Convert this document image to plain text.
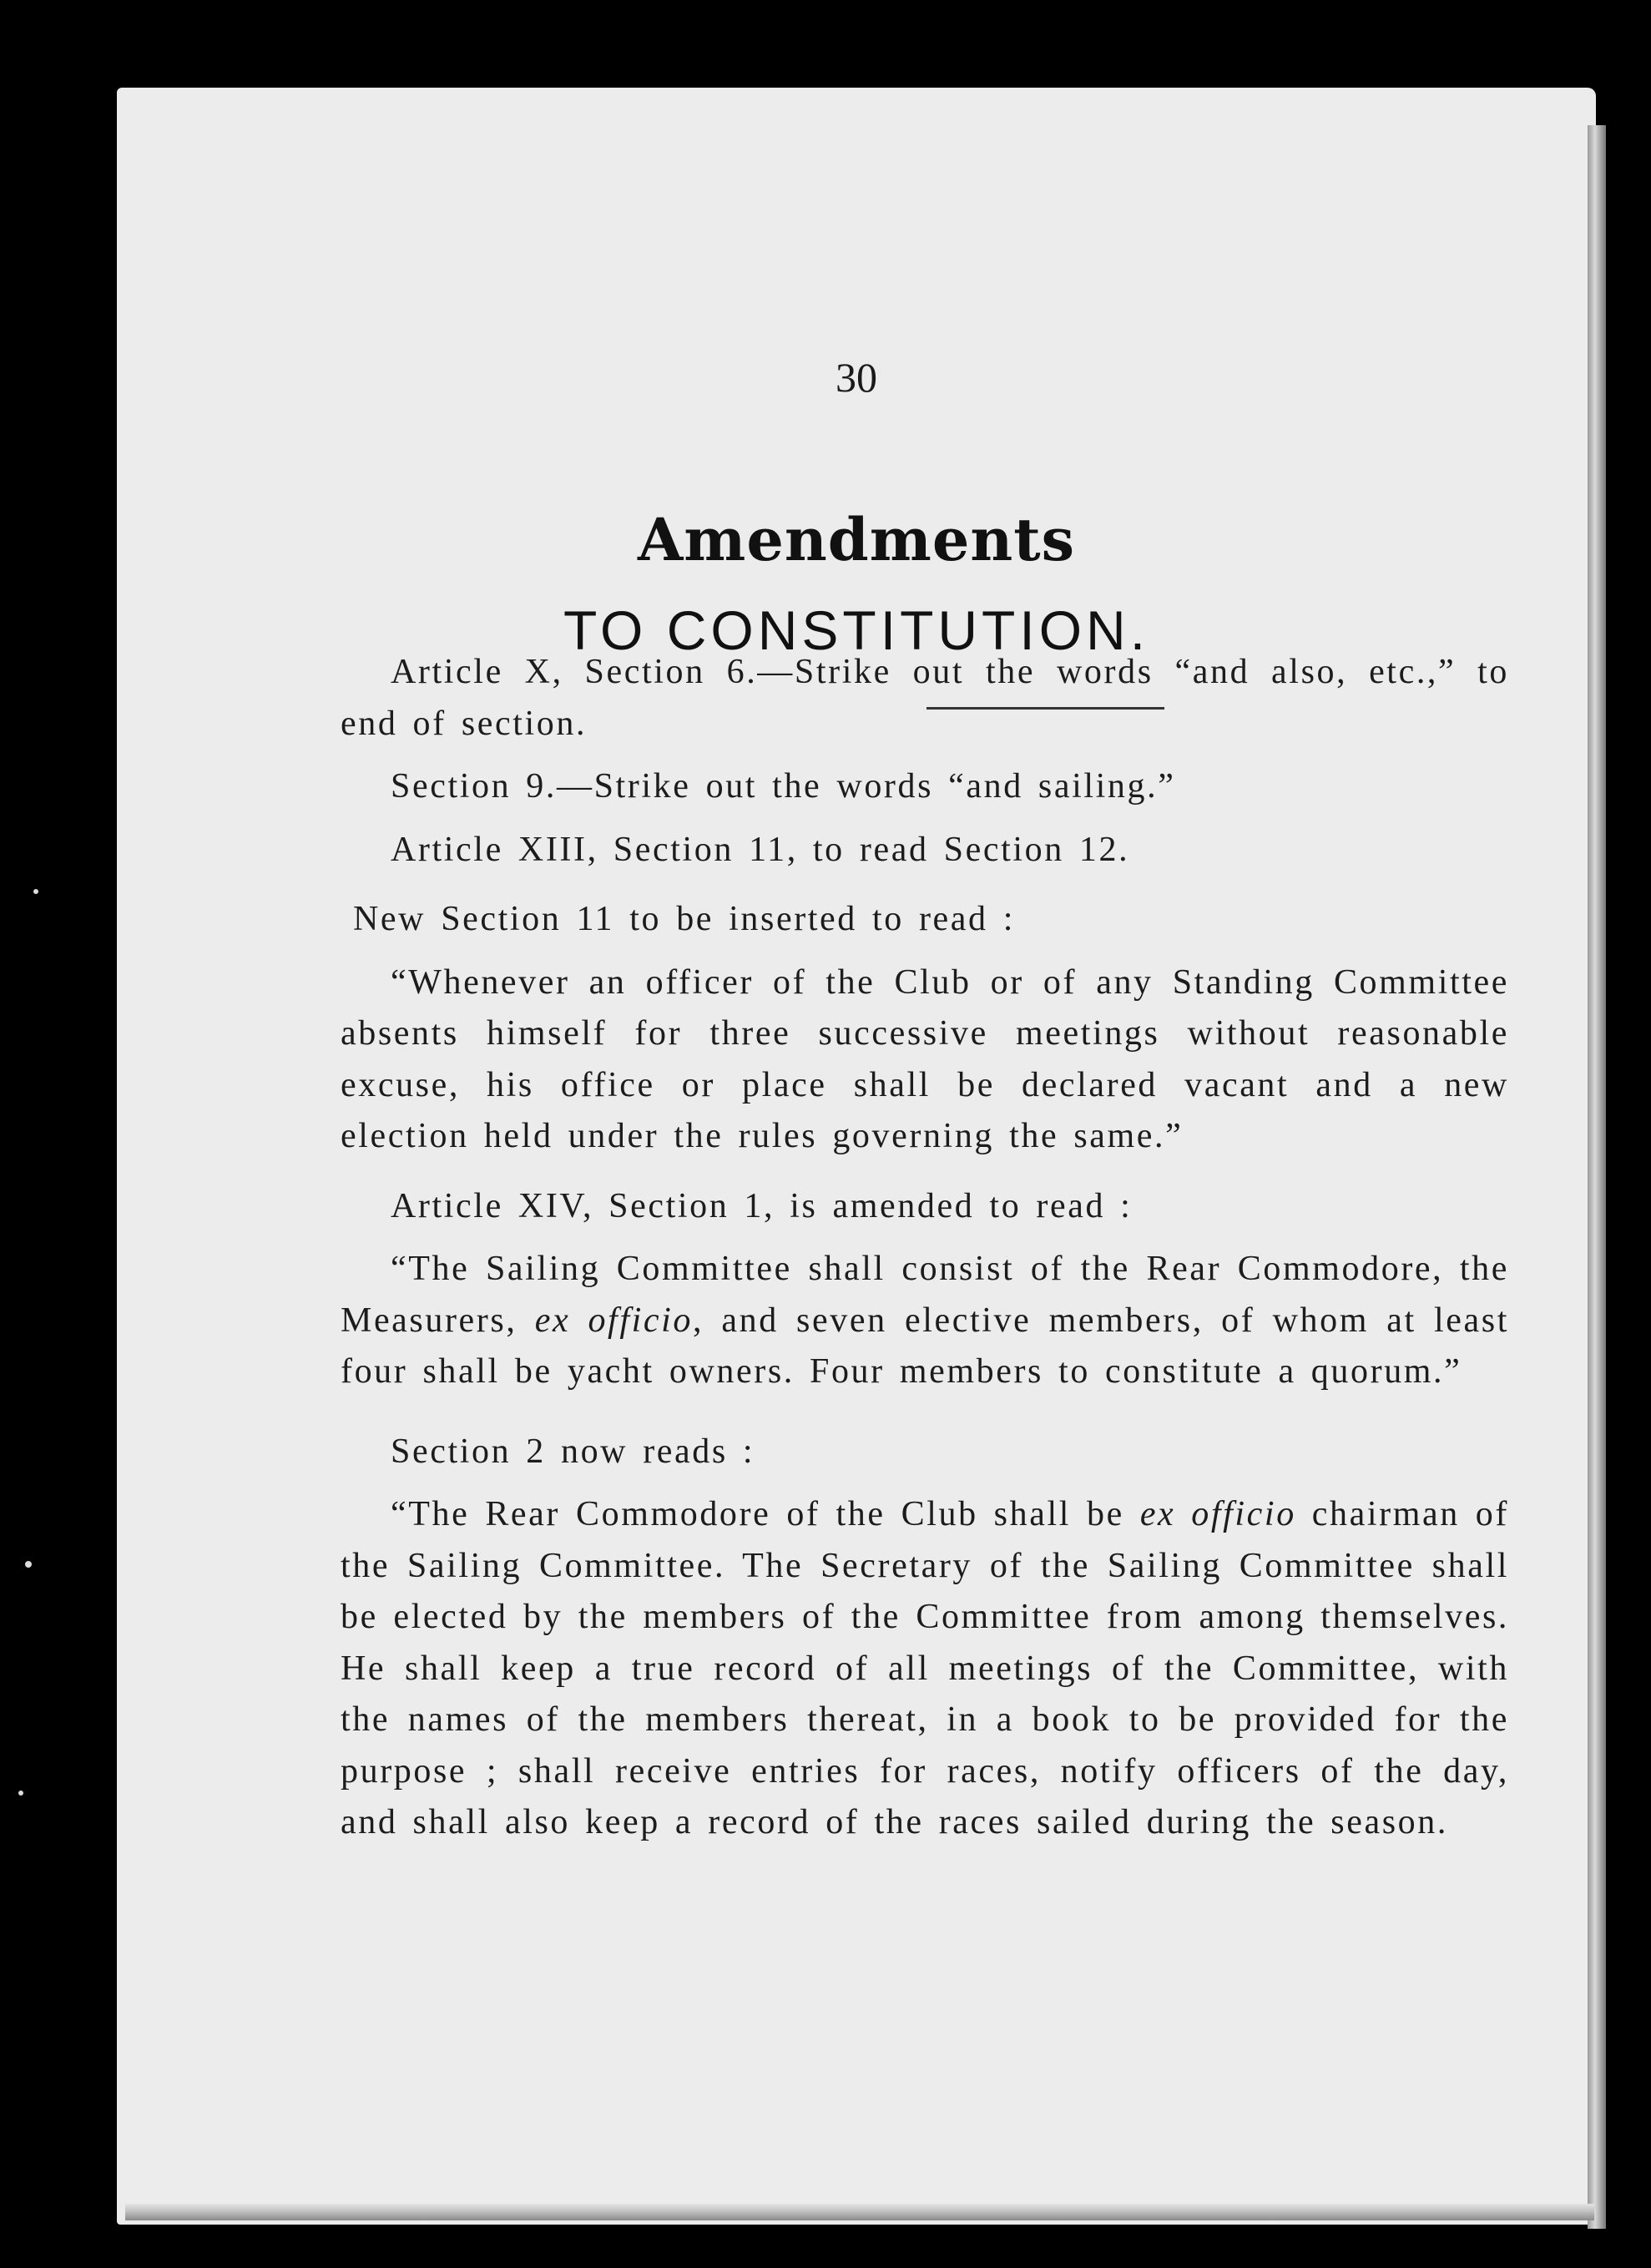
30
Amendments
TO CONSTITUTION.

Article X, Section 6.—Strike out the words “and also, etc.,” to end of section.

Section 9.—Strike out the words “and sailing.”

Article XIII, Section 11, to read Section 12.

New Section 11 to be inserted to read :

“Whenever an officer of the Club or of any Standing Committee absents himself for three successive meetings without reasonable excuse, his office or place shall be declared vacant and a new election held under the rules governing the same.”

Article XIV, Section 1, is amended to read :

“The Sailing Committee shall consist of the Rear Commodore, the Measurers, ex officio, and seven elective members, of whom at least four shall be yacht owners. Four members to constitute a quorum.”

Section 2 now reads :

“The Rear Commodore of the Club shall be ex officio chairman of the Sailing Committee. The Secretary of the Sailing Committee shall be elected by the members of the Committee from among themselves. He shall keep a true record of all meetings of the Committee, with the names of the members thereat, in a book to be provided for the purpose ; shall receive entries for races, notify officers of the day, and shall also keep a record of the races sailed during the season.
